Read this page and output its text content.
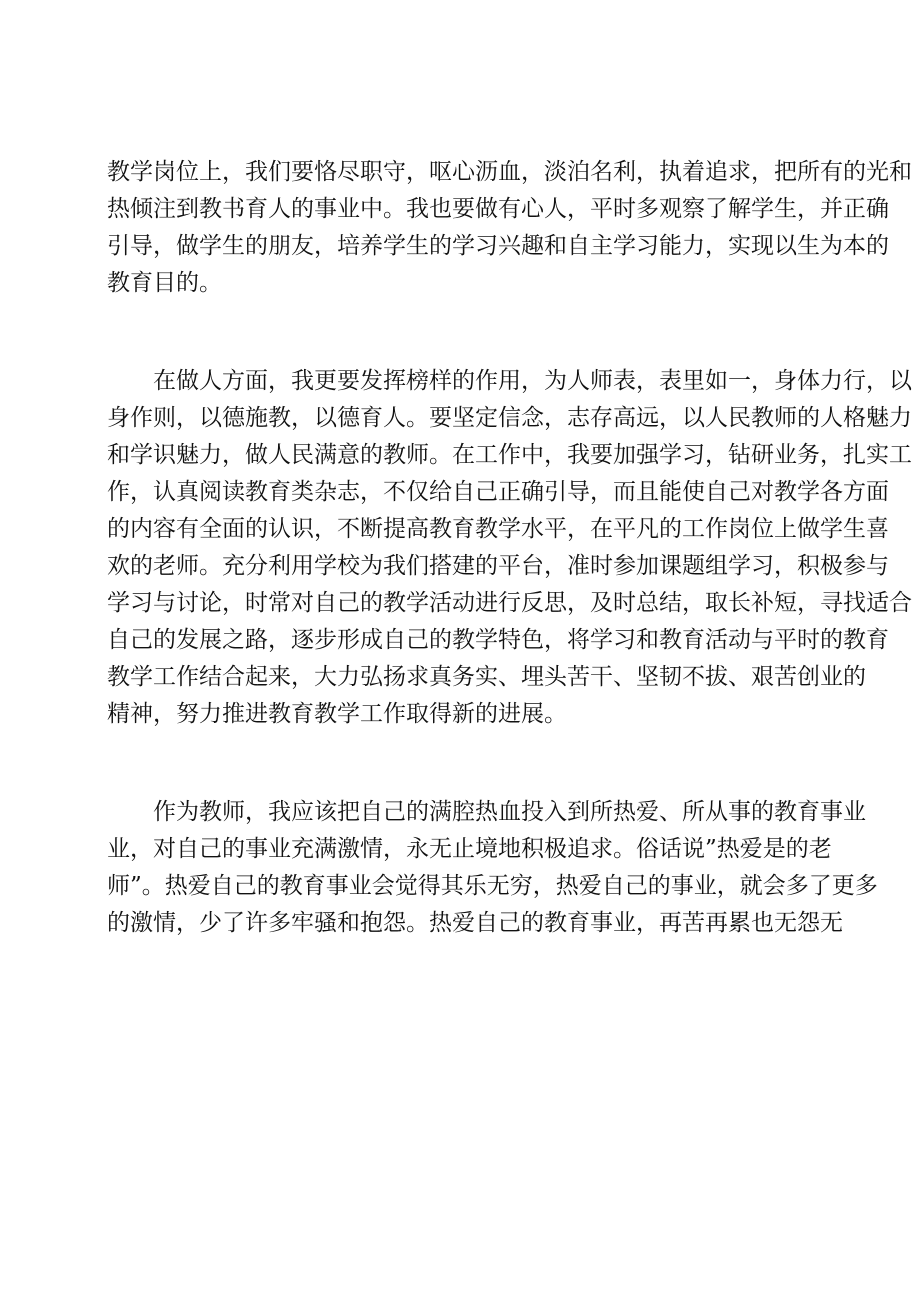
教学岗位上，我们要恪尽职守，呕心沥血，淡泊名利，执着追求，把所有的光和
热倾注到教书育人的事业中。我也要做有心人，平时多观察了解学生，并正确
引导，做学生的朋友，培养学生的学习兴趣和自主学习能力，实现以生为本的
教育目的。
　　在做人方面，我更要发挥榜样的作用，为人师表，表里如一，身体力行，以
身作则，以德施教，以德育人。要坚定信念，志存高远，以人民教师的人格魅力
和学识魅力，做人民满意的教师。在工作中，我要加强学习，钻研业务，扎实工
作，认真阅读教育类杂志，不仅给自己正确引导，而且能使自己对教学各方面
的内容有全面的认识，不断提高教育教学水平，在平凡的工作岗位上做学生喜
欢的老师。充分利用学校为我们搭建的平台，准时参加课题组学习，积极参与
学习与讨论，时常对自己的教学活动进行反思，及时总结，取长补短，寻找适合
自己的发展之路，逐步形成自己的教学特色，将学习和教育活动与平时的教育
教学工作结合起来，大力弘扬求真务实、埋头苦干、坚韧不拔、艰苦创业的
精神，努力推进教育教学工作取得新的进展。
　　作为教师，我应该把自己的满腔热血投入到所热爱、所从事的教育事业
业，对自己的事业充满激情，永无止境地积极追求。俗话说”热爱是的老
师”。热爱自己的教育事业会觉得其乐无穷，热爱自己的事业，就会多了更多
的激情，少了许多牢骚和抱怨。热爱自己的教育事业，再苦再累也无怨无
